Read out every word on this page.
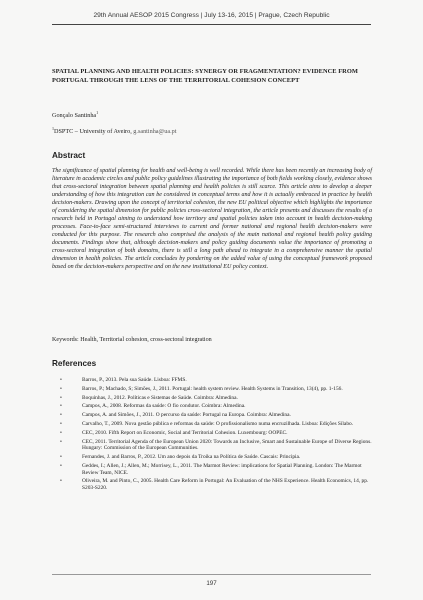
29th Annual AESOP 2015 Congress | July 13-16, 2015 | Prague, Czech Republic
SPATIAL PLANNING AND HEALTH POLICIES: SYNERGY OR FRAGMENTATION? EVIDENCE FROM PORTUGAL THROUGH THE LENS OF THE TERRITORIAL COHESION CONCEPT
Gonçalo Santinha$^1$
$^1$DSPTC – University of Aveiro, g.santinha@ua.pt
Abstract

The significance of spatial planning for health and well-being is well recorded. While there has been recently an increasing body of literature in academic circles and public policy guidelines illustrating the importance of both fields working closely, evidence shows that cross-sectoral integration between spatial planning and health policies is still scarce. This article aims to develop a deeper understanding of how this integration can be considered in conceptual terms and how it is actually embraced in practice by health decision-makers. Drawing upon the concept of territorial cohesion, the new EU political objective which highlights the importance of considering the spatial dimension for public policies cross-sectoral integration, the article presents and discusses the results of a research held in Portugal aiming to understand how territory and spatial policies taken into account in health decision-making processes. Face-to-face semi-structured interviews to current and former national and regional health decision-makers were conducted for this purpose. The research also comprised the analysis of the main national and regional health policy guiding documents. Findings show that, although decision-makers and policy guiding documents value the importance of promoting a cross-sectoral integration of both domains, there is still a long path ahead to integrate in a comprehensive manner the spatial dimension in health policies. The article concludes by pondering on the added value of using the conceptual framework proposed based on the decision-makers perspective and on the new institutional EU policy context.

Keywords: Health, Territorial cohesion, cross-sectoral integration
References
• Barros, P., 2013. Pela sua Saúde. Lisboa: FFMS.
• Barros, P.; Machado, S; Simões, J., 2011. Portugal: health system review. Health Systems in Transition, 13(4), pp. 1-156.
• Boquinhas, J., 2012. Políticas e Sistemas de Saúde. Coimbra: Almedina.
• Campos, A., 2008. Reformas da saúde: O fio condutor. Coimbra: Almedina.
• Campos, A. and Simões, J., 2011. O percurso da saúde: Portugal na Europa. Coimbra: Almedina.
• Carvalho, T., 2009. Nova gestão pública e reformas da saúde: O profissionalismo numa encruzilhada. Lisboa: Edições Sílabo.
• CEC, 2010. Fifth Report on Economic, Social and Territorial Cohesion. Luxembourg: OOPEC.
• CEC, 2011. Territorial Agenda of the European Union 2020: Towards an Inclusive, Smart and Sustainable Europe of Diverse Regions. Hungary: Commission of the European Communities.
• Fernandes, J. and Barros, P., 2012. Um ano depois da Troika na Política de Saúde. Cascais: Principia.
• Geddes, I.; Allen, J.; Allen, M.; Morrisey, L., 2011. The Marmot Review: implications for Spatial Planning. London: The Marmot Review Team, NICE.
• Oliveira, M. and Pinto, C., 2005. Health Care Reform in Portugal: An Evaluation of the NHS Experience. Health Economics, 14, pp. S203-S220.
197
